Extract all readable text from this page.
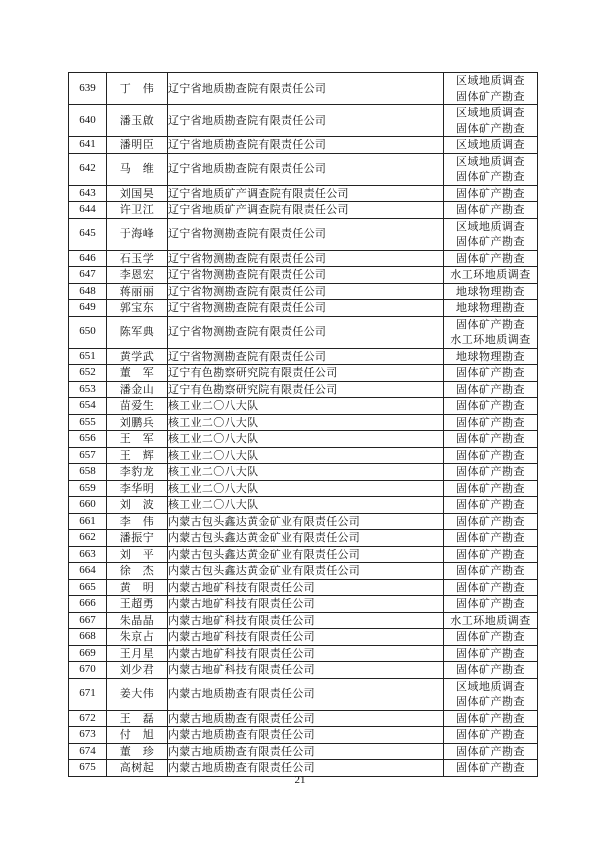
639	丁　伟	辽宁省地质勘查院有限责任公司	区域地质调查
固体矿产勘查

640	潘玉啟	辽宁省地质勘查院有限责任公司	区域地质调查
固体矿产勘查

641	潘明臣	辽宁省地质勘查院有限责任公司	区域地质调查

642	马　维	辽宁省地质勘查院有限责任公司	区域地质调查
固体矿产勘查

643	刘国昊	辽宁省地质矿产调查院有限责任公司	固体矿产勘查

644	许卫江	辽宁省地质矿产调查院有限责任公司	固体矿产勘查

645	于海峰	辽宁省物测勘查院有限责任公司	区域地质调查
固体矿产勘查

646	石玉学	辽宁省物测勘查院有限责任公司	固体矿产勘查

647	李恩宏	辽宁省物测勘查院有限责任公司	水工环地质调查

648	蒋丽丽	辽宁省物测勘查院有限责任公司	地球物理勘查

649	郭宝东	辽宁省物测勘查院有限责任公司	地球物理勘查

650	陈军典	辽宁省物测勘查院有限责任公司	固体矿产勘查
水工环地质调查

651	黄学武	辽宁省物测勘查院有限责任公司	地球物理勘查

652	董　军	辽宁有色勘察研究院有限责任公司	固体矿产勘查

653	潘金山	辽宁有色勘察研究院有限责任公司	固体矿产勘查

654	苗爱生	核工业二〇八大队	固体矿产勘查

655	刘鹏兵	核工业二〇八大队	固体矿产勘查

656	王　军	核工业二〇八大队	固体矿产勘查

657	王　辉	核工业二〇八大队	固体矿产勘查

658	李豹龙	核工业二〇八大队	固体矿产勘查

659	李华明	核工业二〇八大队	固体矿产勘查

660	刘　波	核工业二〇八大队	固体矿产勘查

661	李　伟	内蒙古包头鑫达黄金矿业有限责任公司	固体矿产勘查

662	潘振宁	内蒙古包头鑫达黄金矿业有限责任公司	固体矿产勘查

663	刘　平	内蒙古包头鑫达黄金矿业有限责任公司	固体矿产勘查

664	徐　杰	内蒙古包头鑫达黄金矿业有限责任公司	固体矿产勘查

665	黄　明	内蒙古地矿科技有限责任公司	固体矿产勘查

666	王超勇	内蒙古地矿科技有限责任公司	固体矿产勘查

667	朱晶晶	内蒙古地矿科技有限责任公司	水工环地质调查

668	朱京占	内蒙古地矿科技有限责任公司	固体矿产勘查

669	王月星	内蒙古地矿科技有限责任公司	固体矿产勘查

670	刘少君	内蒙古地矿科技有限责任公司	固体矿产勘查

671	姜大伟	内蒙古地质勘查有限责任公司	区域地质调查
固体矿产勘查

672	王　磊	内蒙古地质勘查有限责任公司	固体矿产勘查

673	付　旭	内蒙古地质勘查有限责任公司	固体矿产勘查

674	董　珍	内蒙古地质勘查有限责任公司	固体矿产勘查

675	高树起	内蒙古地质勘查有限责任公司	固体矿产勘查
21
